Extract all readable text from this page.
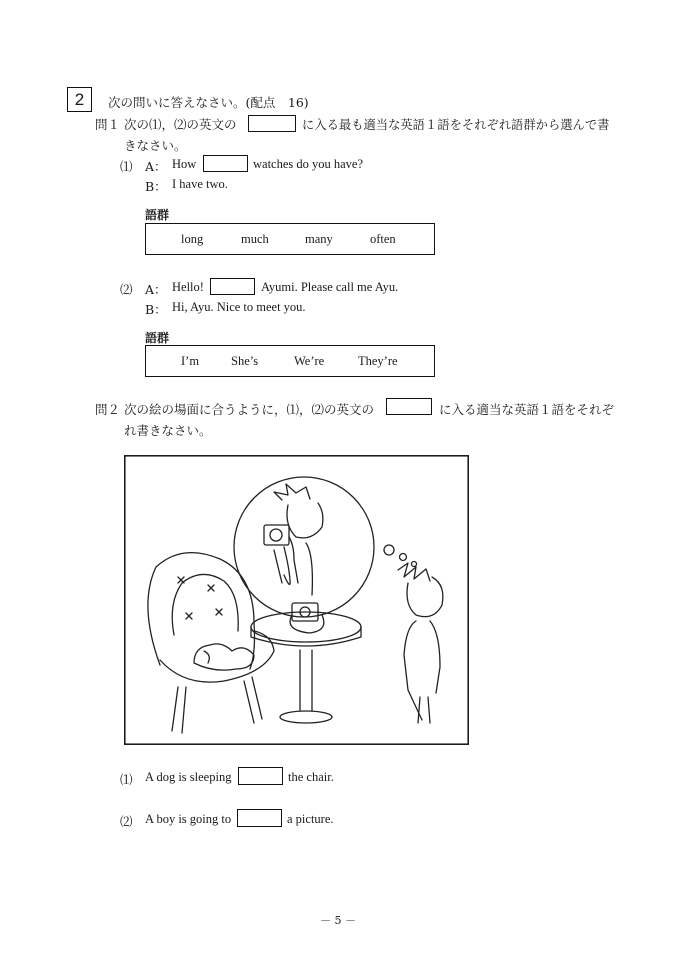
2	次の問いに答えなさい。(配点　16)
問１ 次の⑴，⑵の英文の	に入る最も適当な英語１語をそれぞれ語群から選んで書
きなさい。
⑴ A： How	watches do you have?
B： I have two.
語群
long	much	many	often
⑵ A： Hello!	Ayumi. Please call me Ayu.
B： Hi, Ayu. Nice to meet you.
語群
I’m	She’s	We’re	They’re
問２ 次の絵の場面に合うように，⑴，⑵の英文の	に入る適当な英語１語をそれぞ
れ書きなさい。
⑴ A dog is sleeping	the chair.
⑵ A boy is going to	a picture.
－ 5 －
